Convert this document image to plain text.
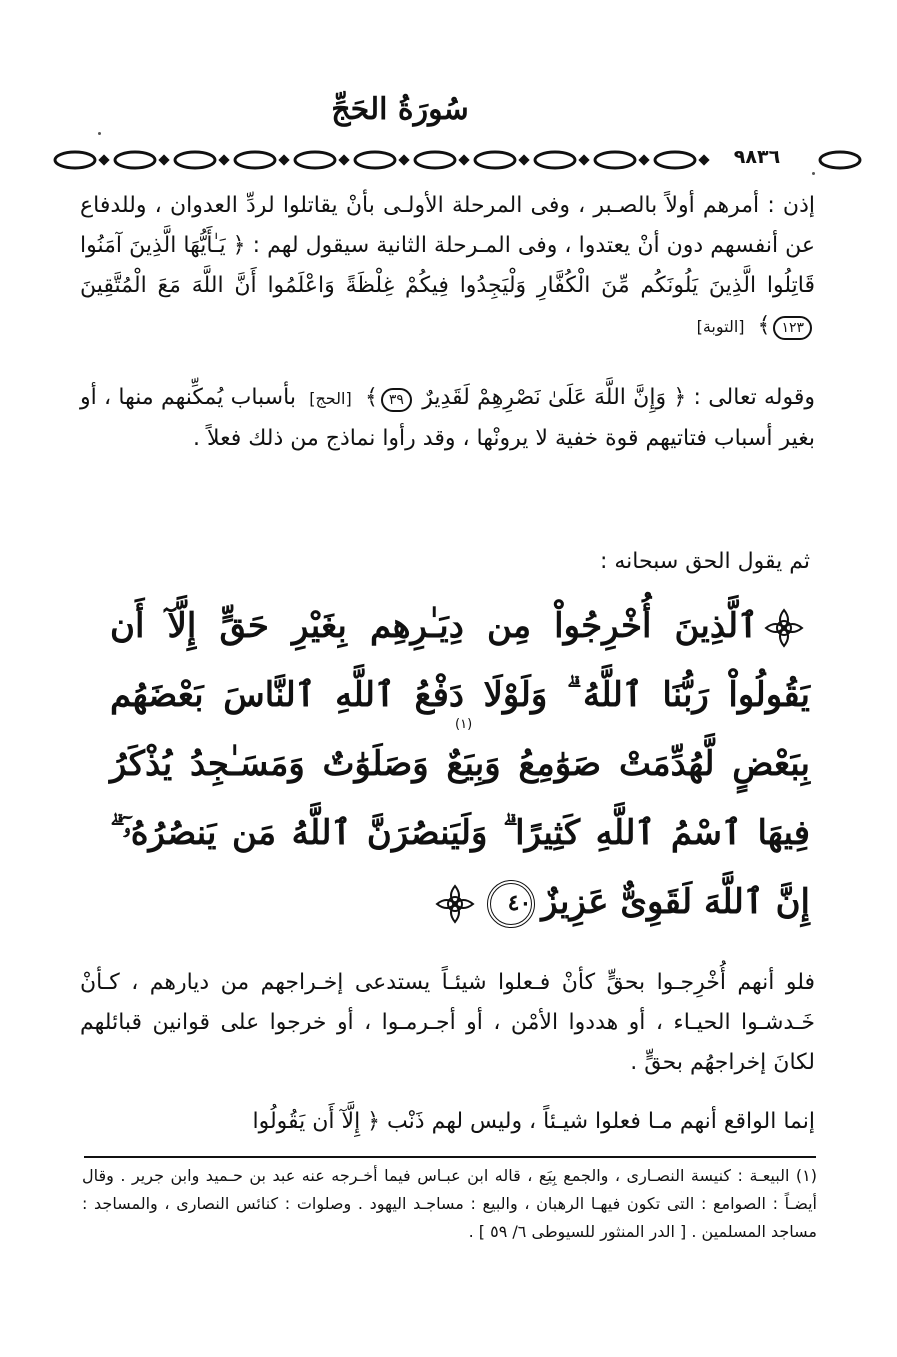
سُورَةُ الحَجِّ
٩٨٣٦
إذن : أمرهم أولاً بالصـبر ، وفى المرحلة الأولـى بأنْ يقاتلوا لردِّ العدوان ، وللدفاع عن أنفسهم دون أنْ يعتدوا ، وفى المـرحلة الثانية سيقول لهم : ﴿ يَـٰأَيُّهَا الَّذِينَ آمَنُوا قَاتِلُوا الَّذِينَ يَلُونَكُم مِّنَ الْكُفَّارِ وَلْيَجِدُوا فِيكُمْ غِلْظَةً وَاعْلَمُوا أَنَّ اللَّهَ مَعَ الْمُتَّقِينَ ١٢٣﴾ [التوبة]
وقوله تعالى : ﴿ وَإِنَّ اللَّهَ عَلَىٰ نَصْرِهِمْ لَقَدِيرٌ ٣٩﴾ [الحج] بأسباب يُمكِّنهم منها ، أو بغير أسباب فتاتيهم قوة خفية لا يرونْها ، وقد رأوا نماذج من ذلك فعلاً .
ثم يقول الحق سبحانه :
ٱلَّذِينَ أُخْرِجُواْ مِن دِيَـٰرِهِم بِغَيْرِ حَقٍّ إِلَّآ أَن يَقُولُواْ رَبُّنَا ٱللَّهُ ۗ وَلَوْلَا دَفْعُ ٱللَّهِ ٱلنَّاسَ بَعْضَهُم بِبَعْضٍ لَّهُدِّمَتْ صَوَٰمِعُ وَبِيَعٌ وَصَلَوَٰتٌ وَمَسَـٰجِدُ يُذْكَرُ فِيهَا ٱسْمُ ٱللَّهِ كَثِيرًا ۗ وَلَيَنصُرَنَّ ٱللَّهُ مَن يَنصُرُهُۥٓ ۗ إِنَّ ٱللَّهَ لَقَوِىٌّ عَزِيزٌ٤٠
(١)
فلو أنهم أُخْرِجـوا بحقٍّ كأنْ فـعلوا شيئـاً يستدعى إخـراجهم من ديارهم ، كـأنْ خَـدشـوا الحيـاء ، أو هددوا الأمْن ، أو أجـرمـوا ، أو خرجوا على قوانين قبائلهم لكانَ إخراجهُم بحقٍّ .
إنما الواقع أنهم مـا فعلوا شيـئاً ، وليس لهم ذَنْب ﴿ إِلَّآ أَن يَقُولُوا
(١) البيعـة : كنيسة النصـارى ، والجمع بِيَع ، قاله ابن عبـاس فيما أخـرجه عنه عبد بن حـميد وابن جرير . وقال أيضـاً : الصوامع : التى تكون فيهـا الرهبان ، والبيع : مساجـد اليهود . وصلوات : كنائس النصارى ، والمساجد : مساجد المسلمين . [ الدر المنثور للسيوطى ٦/ ٥٩ ] .
